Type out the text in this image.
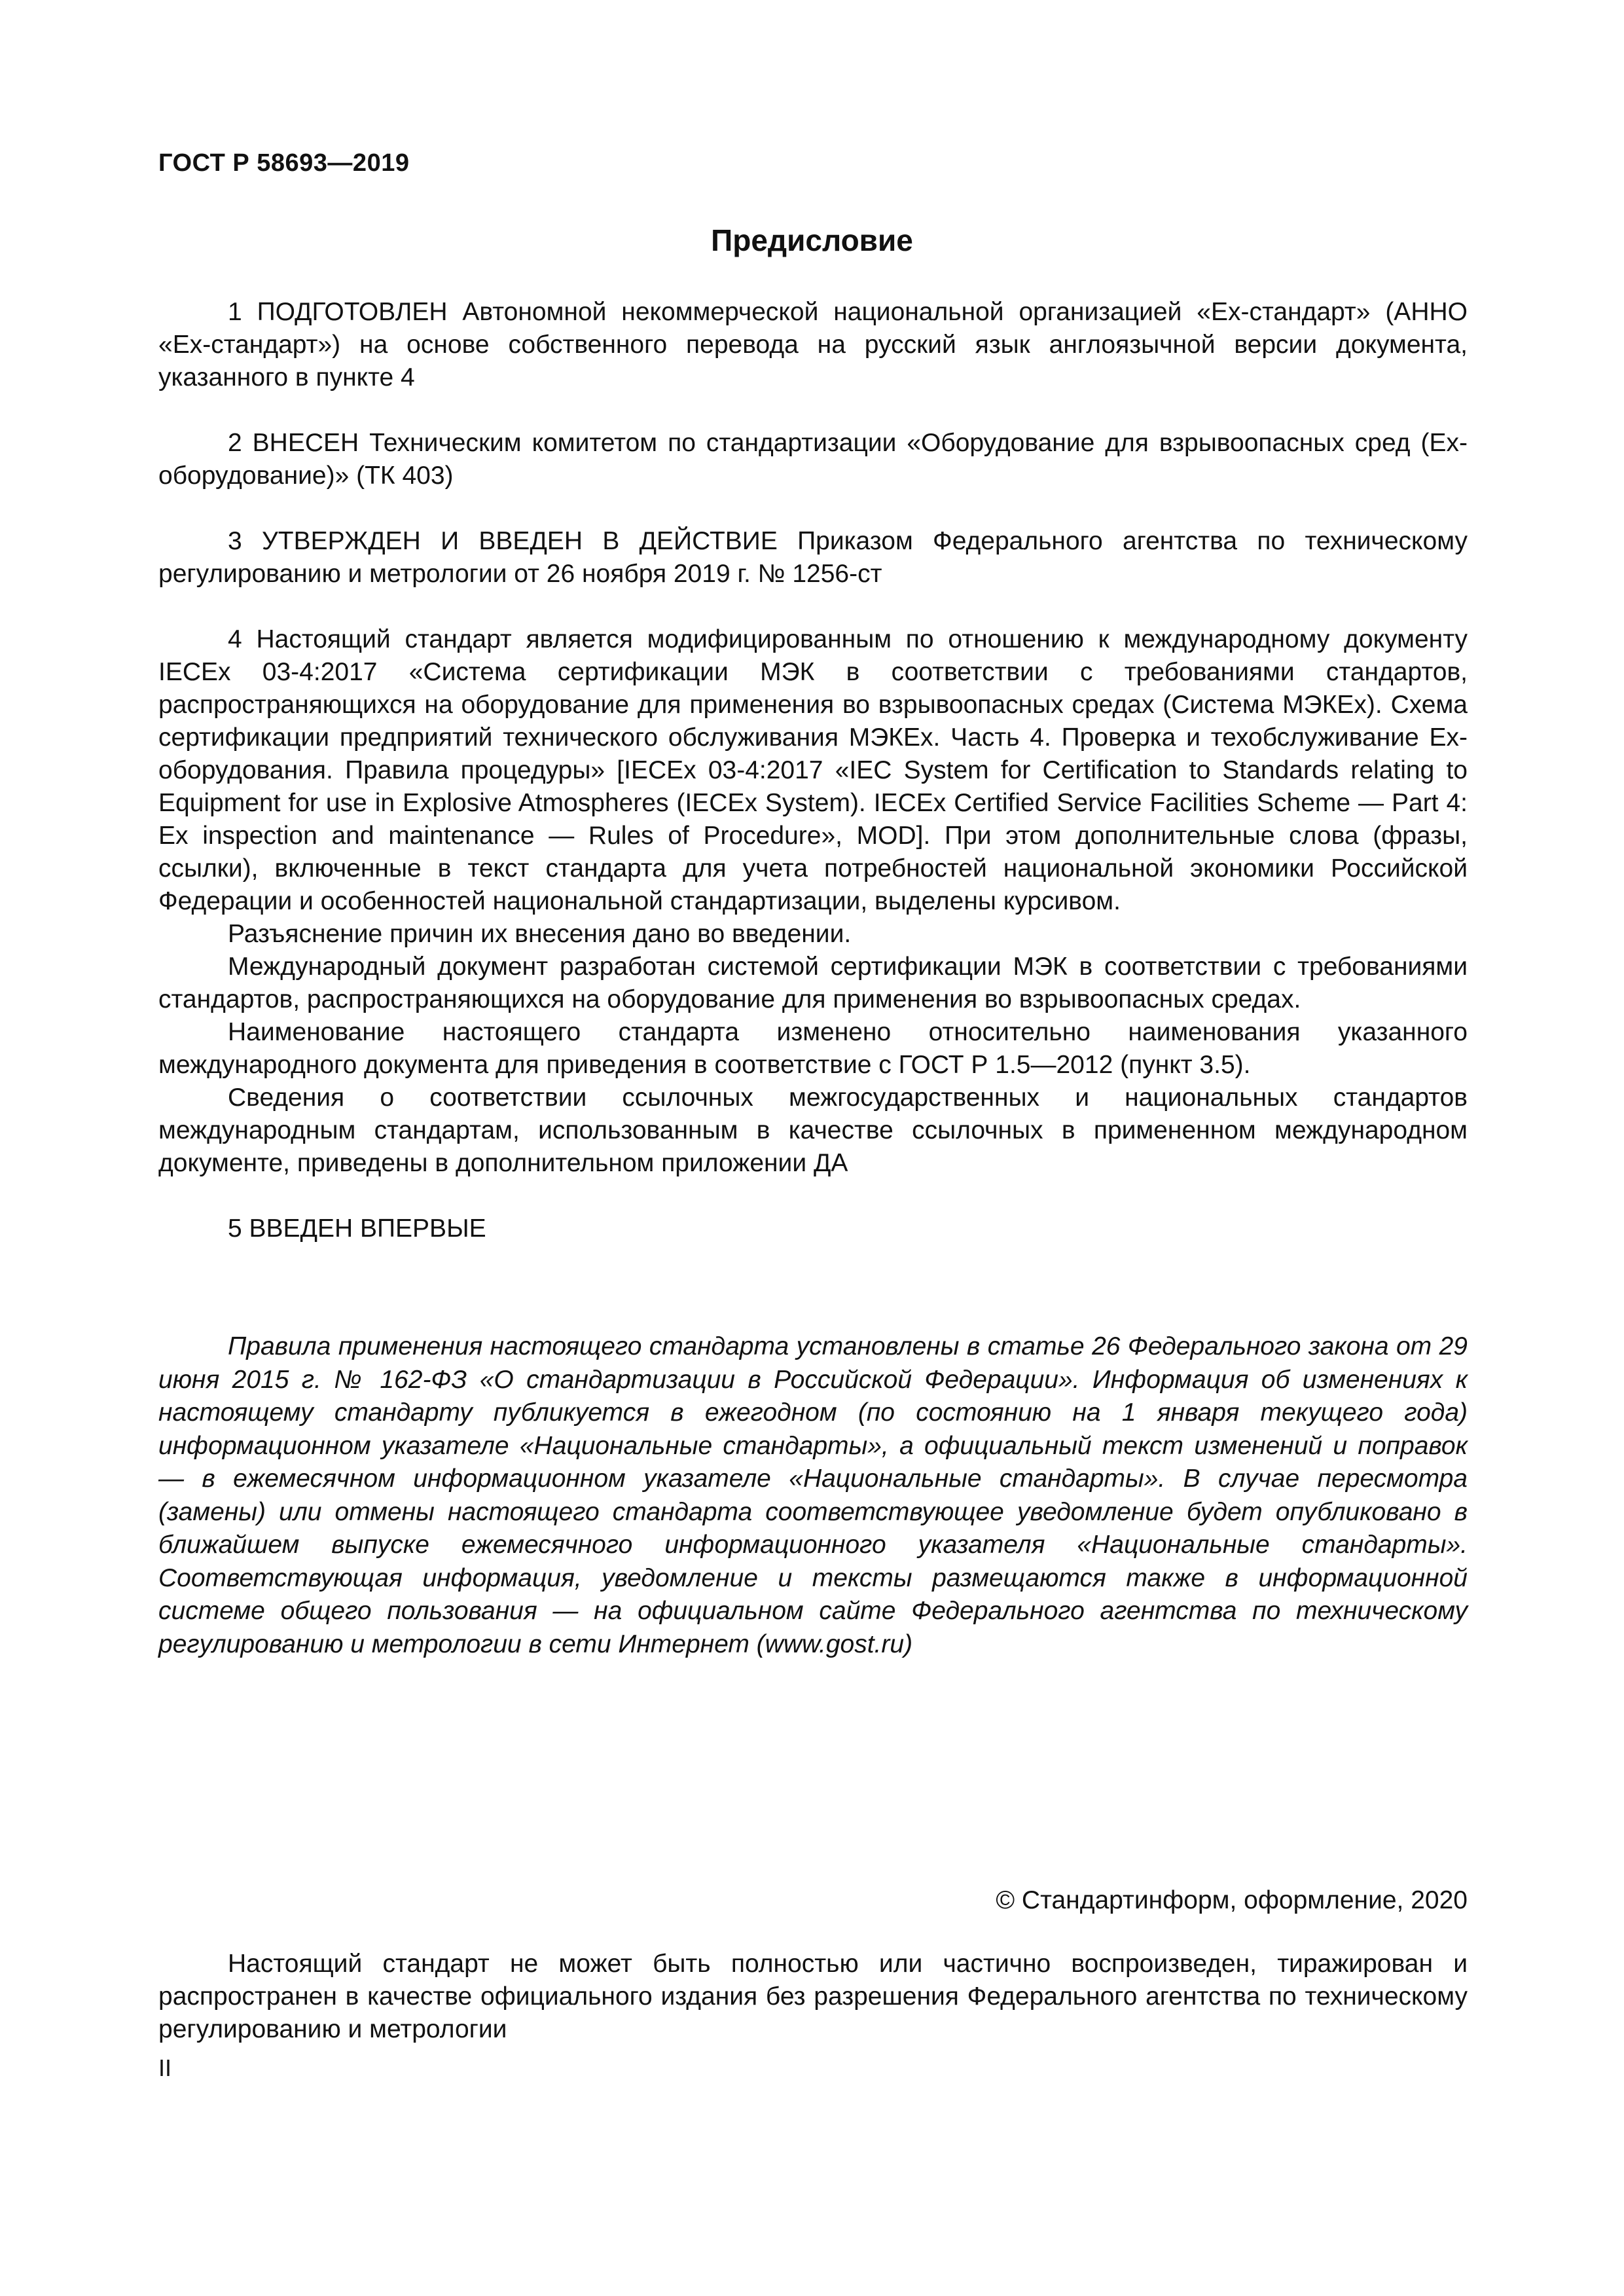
ГОСТ Р 58693—2019
Предисловие

1 ПОДГОТОВЛЕН Автономной некоммерческой национальной организацией «Ех-стандарт» (АННО «Ех-стандарт») на основе собственного перевода на русский язык англоязычной версии документа, указанного в пункте 4

2 ВНЕСЕН Техническим комитетом по стандартизации «Оборудование для взрывоопасных сред (Ех-оборудование)» (ТК 403)

3 УТВЕРЖДЕН И ВВЕДЕН В ДЕЙСТВИЕ Приказом Федерального агентства по техническому регулированию и метрологии от 26 ноября 2019 г. № 1256-ст

4 Настоящий стандарт является модифицированным по отношению к международному документу IECEx 03-4:2017 «Система сертификации МЭК в соответствии с требованиями стандартов, распространяющихся на оборудование для применения во взрывоопасных средах (Система МЭКЕх). Схема сертификации предприятий технического обслуживания МЭКЕх. Часть 4. Проверка и техобслуживание Ех-оборудования. Правила процедуры» [IECEx 03-4:2017 «IEC System for Certification to Standards relating to Equipment for use in Explosive Atmospheres (IECEx System). IECEx Certified Service Facilities Scheme — Part 4: Ex inspection and maintenance — Rules of Procedure», MOD]. При этом дополнительные слова (фразы, ссылки), включенные в текст стандарта для учета потребностей национальной экономики Российской Федерации и особенностей национальной стандартизации, выделены курсивом.

Разъяснение причин их внесения дано во введении.

Международный документ разработан системой сертификации МЭК в соответствии с требованиями стандартов, распространяющихся на оборудование для применения во взрывоопасных средах.

Наименование настоящего стандарта изменено относительно наименования указанного международного документа для приведения в соответствие с ГОСТ Р 1.5—2012 (пункт 3.5).

Сведения о соответствии ссылочных межгосударственных и национальных стандартов международным стандартам, использованным в качестве ссылочных в примененном международном документе, приведены в дополнительном приложении ДА

5 ВВЕДЕН ВПЕРВЫЕ

Правила применения настоящего стандарта установлены в статье 26 Федерального закона от 29 июня 2015 г. № 162-ФЗ «О стандартизации в Российской Федерации». Информация об изменениях к настоящему стандарту публикуется в ежегодном (по состоянию на 1 января текущего года) информационном указателе «Национальные стандарты», а официальный текст изменений и поправок — в ежемесячном информационном указателе «Национальные стандарты». В случае пересмотра (замены) или отмены настоящего стандарта соответствующее уведомление будет опубликовано в ближайшем выпуске ежемесячного информационного указателя «Национальные стандарты». Соответствующая информация, уведомление и тексты размещаются также в информационной системе общего пользования — на официальном сайте Федерального агентства по техническому регулированию и метрологии в сети Интернет (www.gost.ru)

© Стандартинформ, оформление, 2020

Настоящий стандарт не может быть полностью или частично воспроизведен, тиражирован и распространен в качестве официального издания без разрешения Федерального агентства по техническому регулированию и метрологии

II
